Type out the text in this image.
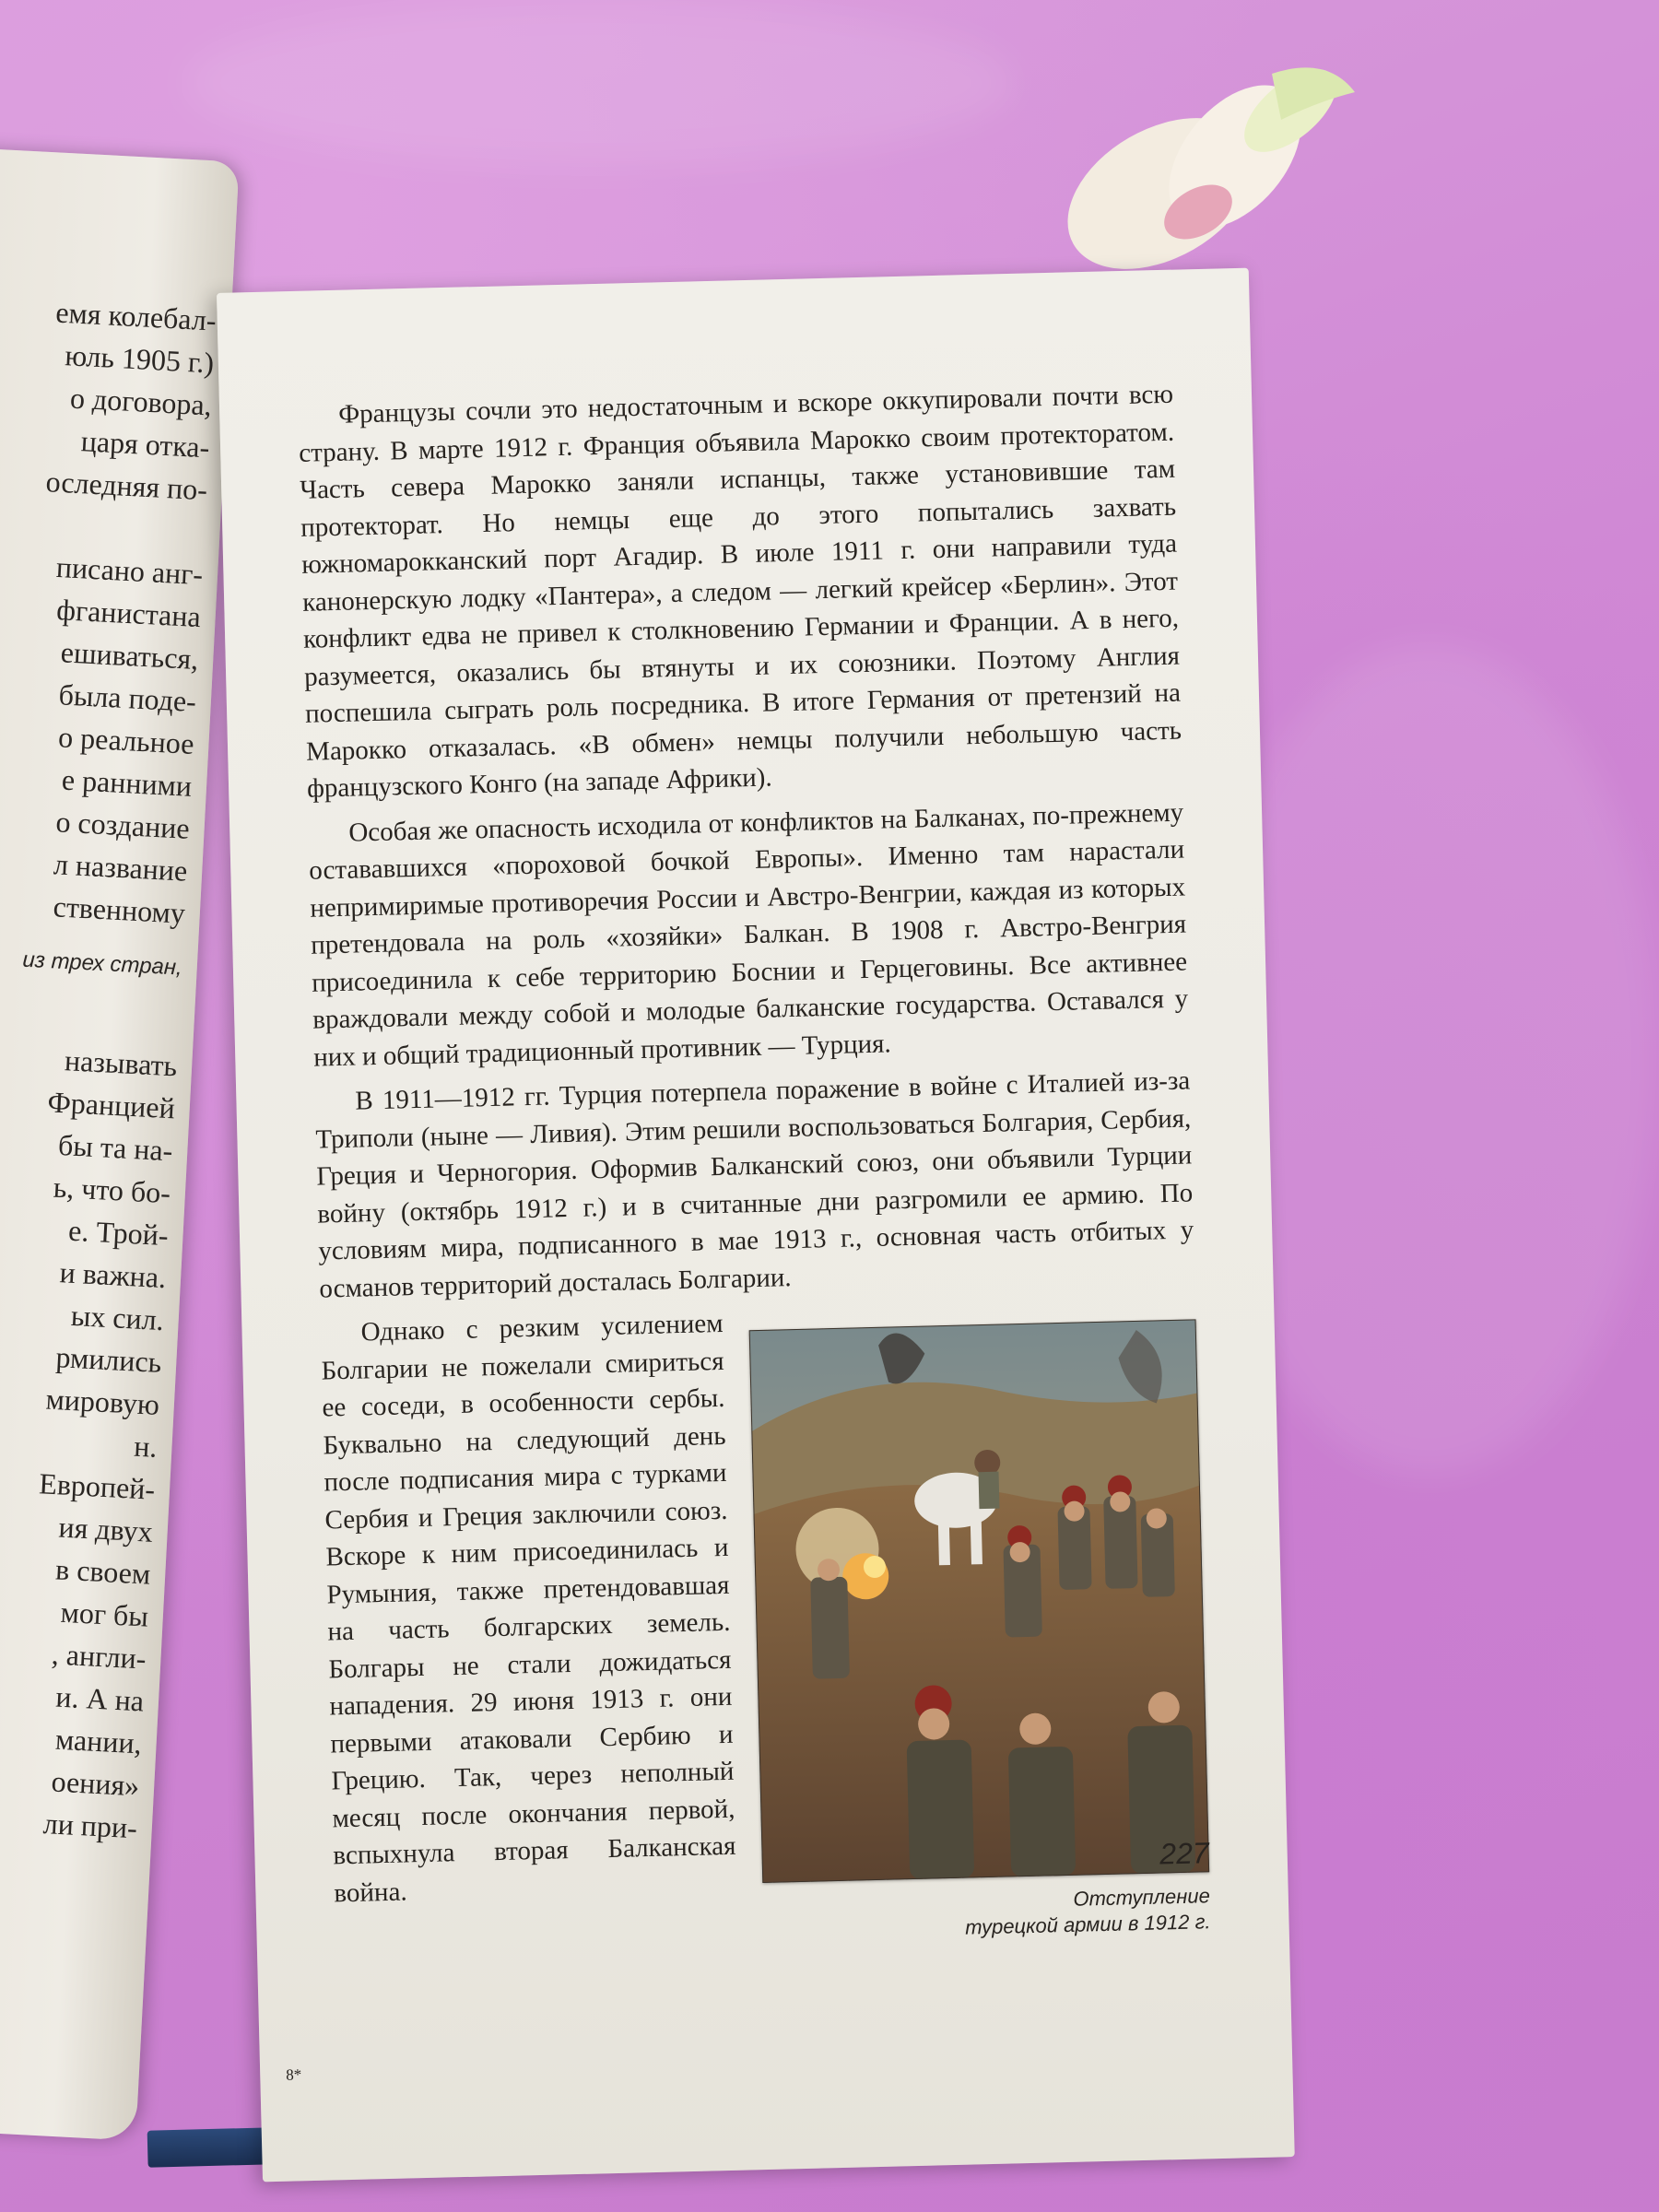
емя колебал-
юль 1905 г.)
о договора,
царя отка-
оследняя по-
писано анг-
фганистана
ешиваться,
была поде-
о реальное
е ранними
о создание
л название
ственному
из трех стран,
называть
Францией
бы та на-
ь, что бо-
е. Трой-
и важна.
ых сил.
рмились
мировую
н.
Европей-
ия двух
в своем
мог бы
, англи-
и. А на
мании,
оения»
ли при-

Французы сочли это недостаточным и вскоре оккупировали почти всю страну. В марте 1912 г. Франция объявила Марокко своим протекторатом. Часть севера Марокко заняли испанцы, также установившие там протекторат. Но немцы еще до этого попытались захвать южномарокканский порт Агадир. В июле 1911 г. они направили туда канонерскую лодку «Пантера», а следом — легкий крейсер «Берлин». Этот конфликт едва не привел к столкновению Германии и Франции. А в него, разумеется, оказались бы втянуты и их союзники. Поэтому Англия поспешила сыграть роль посредника. В итоге Германия от претензий на Марокко отказалась. «В обмен» немцы получили небольшую часть французского Конго (на западе Африки).

Особая же опасность исходила от конфликтов на Балканах, по-прежнему остававшихся «пороховой бочкой Европы». Именно там нарастали непримиримые противоречия России и Австро-Венгрии, каждая из которых претендовала на роль «хозяйки» Балкан. В 1908 г. Австро-Венгрия присоединила к себе территорию Боснии и Герцеговины. Все активнее враждовали между собой и молодые балканские государства. Оставался у них и общий традиционный противник — Турция.

В 1911—1912 гг. Турция потерпела поражение в войне с Италией из-за Триполи (ныне — Ливия). Этим решили воспользоваться Болгария, Сербия, Греция и Черногория. Оформив Балканский союз, они объявили Турции войну (октябрь 1912 г.) и в считанные дни разгромили ее армию. По условиям мира, подписанного в мае 1913 г., основная часть отбитых у османов территорий досталась Болгарии.

Отступление
турецкой армии в 1912 г.

Однако с резким усилением Болгарии не пожелали смириться ее соседи, в особенности сербы. Буквально на следующий день после подписания мира с турками Сербия и Греция заключили союз. Вскоре к ним присоединилась и Румыния, также претендовавшая на часть болгарских земель. Болгары не стали дожидаться нападения. 29 июня 1913 г. они первыми атаковали Сербию и Грецию. Так, через неполный месяц после окончания первой, вспыхнула вторая Балканская война.

227
8*
